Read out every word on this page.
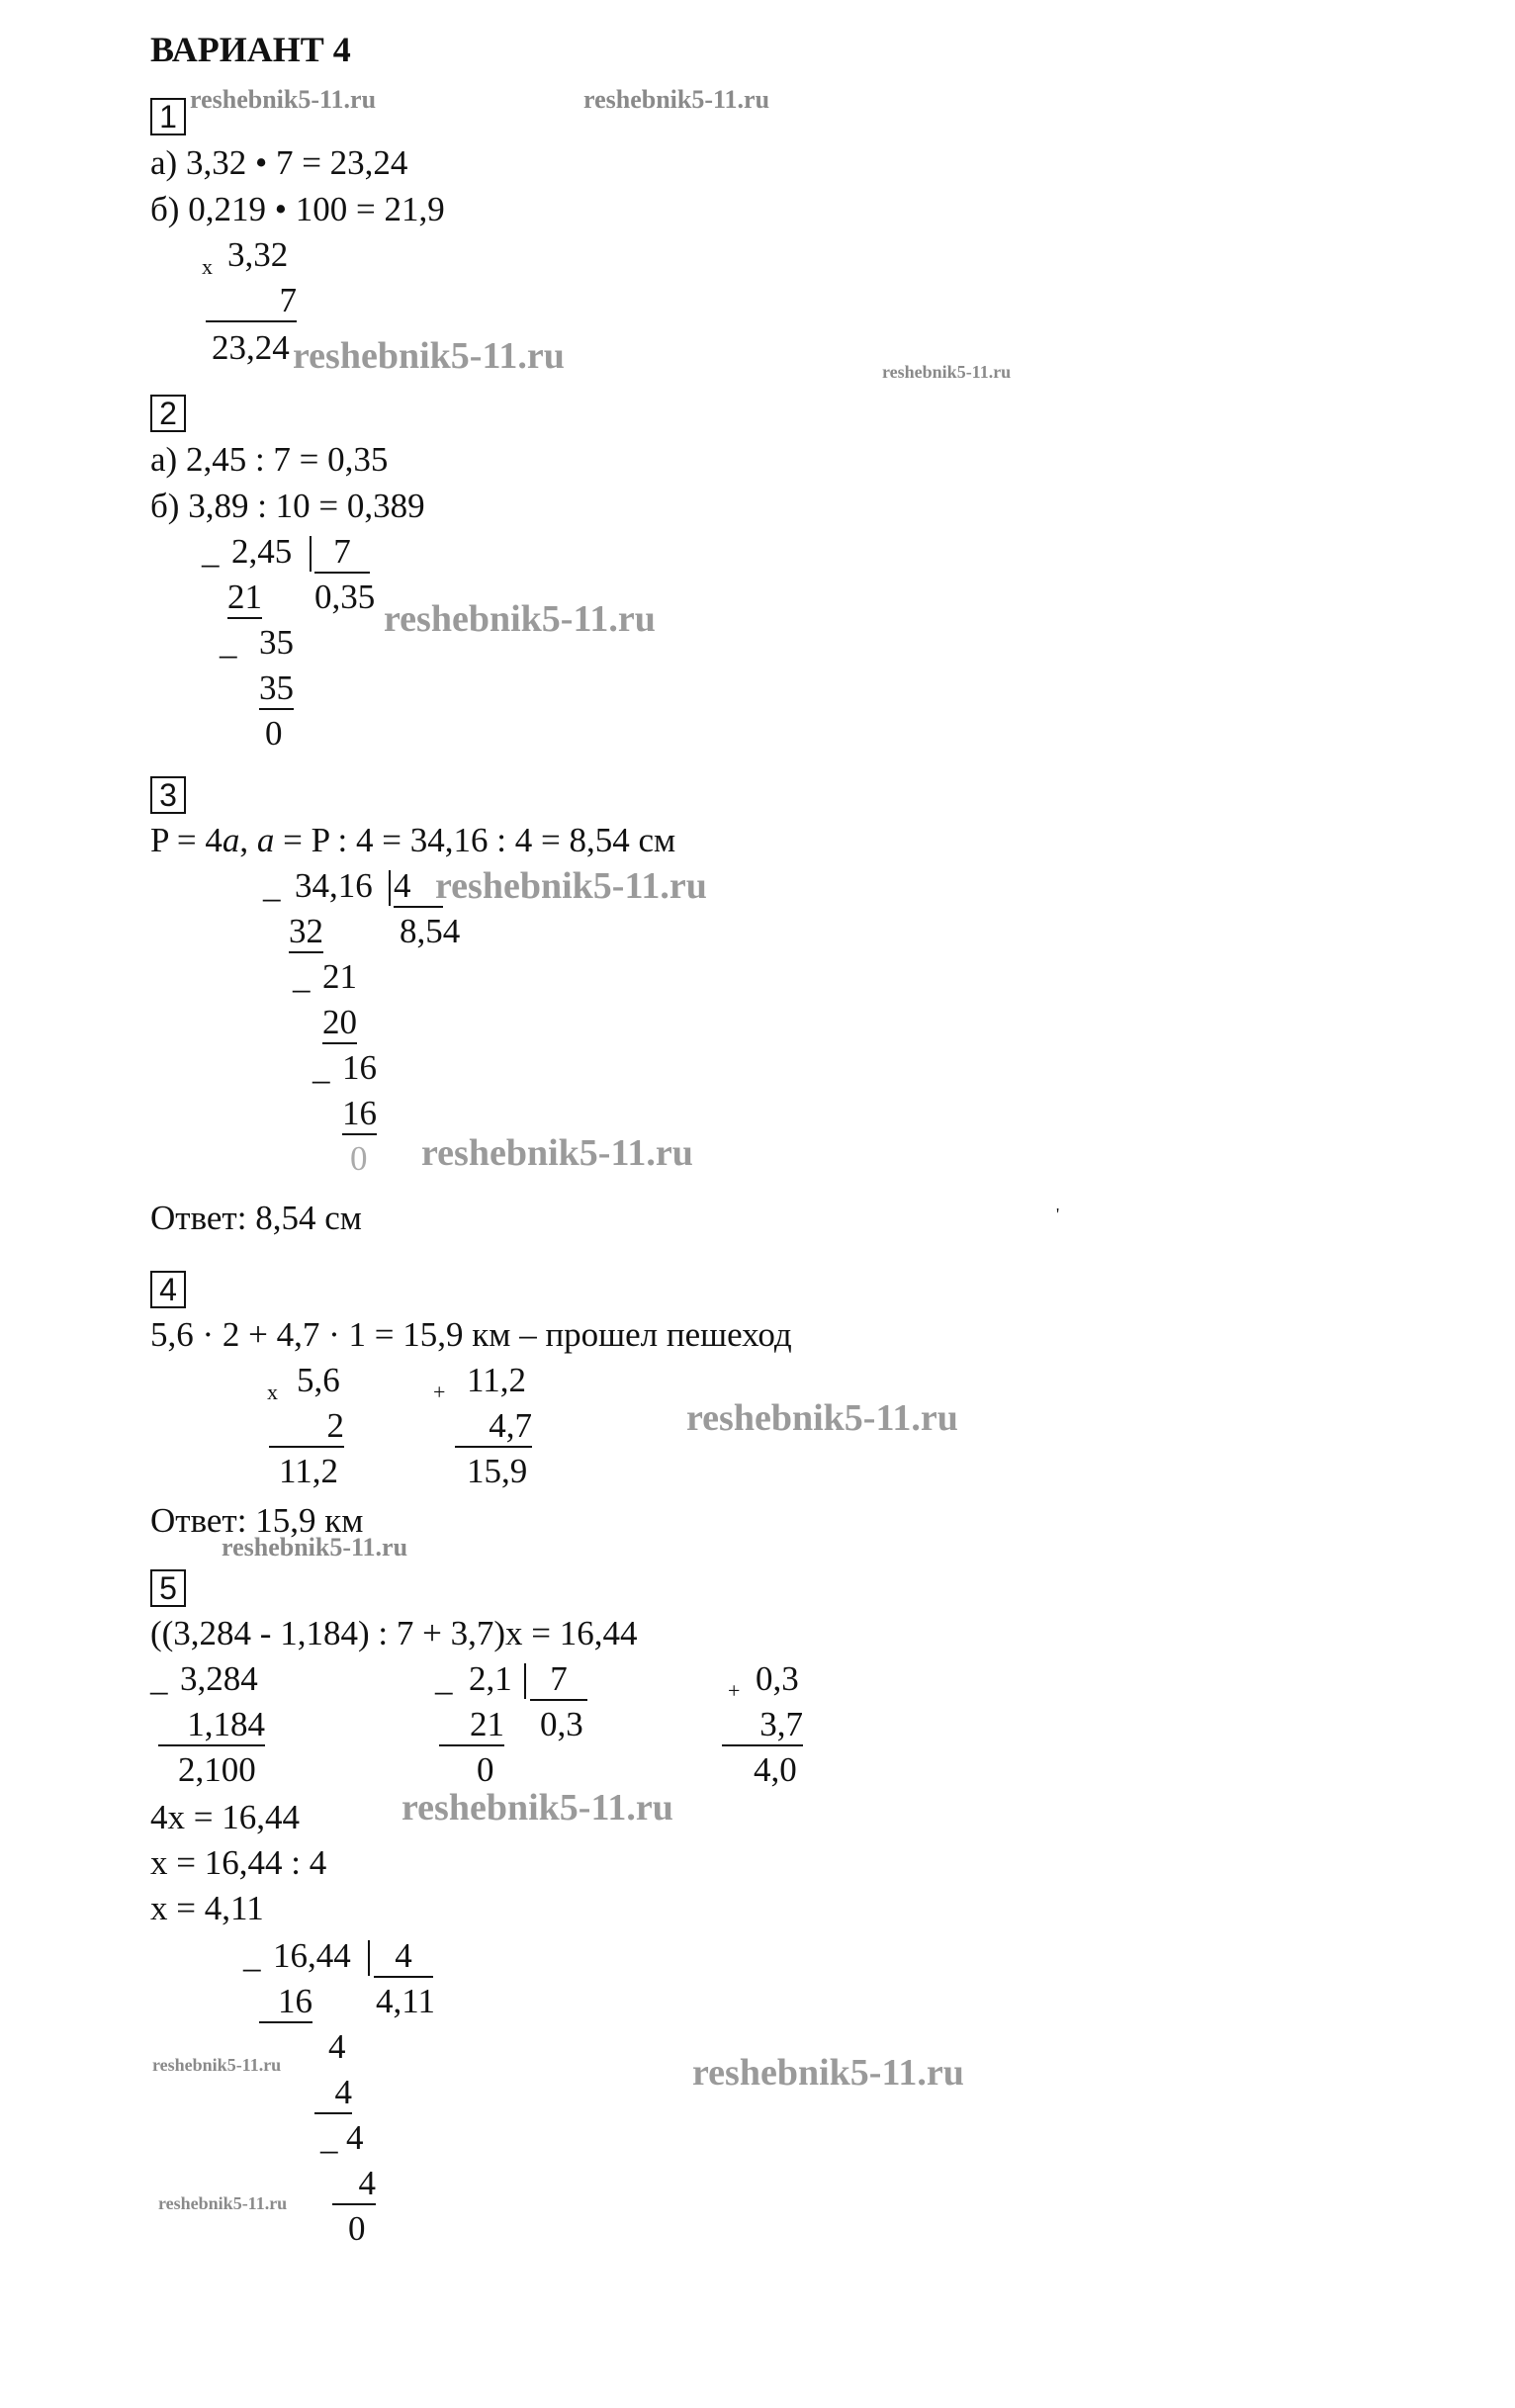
ВАРИАНТ 4
1
а) 3,32 • 7 = 23,24
б) 0,219 • 100 = 21,9
х 3,32
7
23,24
2
а) 2,45 : 7 = 0,35
б) 3,89 : 10 = 0,389
_ 2,45	7
21 0,35
_ 35
35
0
3
P = 4a, a = P : 4 = 34,16 : 4 = 8,54 см
_ 34,16 4
32 8,54
_ 21
20
_ 16
16
0
Ответ: 8,54 см	'
4
5,6 · 2 + 4,7 · 1 = 15,9 км – прошел пешеход
х 5,6
2
11,2
+ 11,2
4,7
15,9
Ответ: 15,9 км
5
((3,284 - 1,184) : 7 + 3,7)x = 16,44
_ 3,284
1,184
2,100
_ 2,1	7
21 0,3
0
+ 0,3
3,7
4,0
4x = 16,44
x = 16,44 : 4
x = 4,11
_ 16,44	4
16 4,11
4
4
_ 4
4
0
reshebnik5-11.ru	reshebnik5-11.ru
reshebnik5-11.ru	reshebnik5-11.ru
reshebnik5-11.ru
reshebnik5-11.ru
reshebnik5-11.ru
reshebnik5-11.ru
reshebnik5-11.ru
reshebnik5-11.ru
reshebnik5-11.ru	reshebnik5-11.ru
reshebnik5-11.ru
